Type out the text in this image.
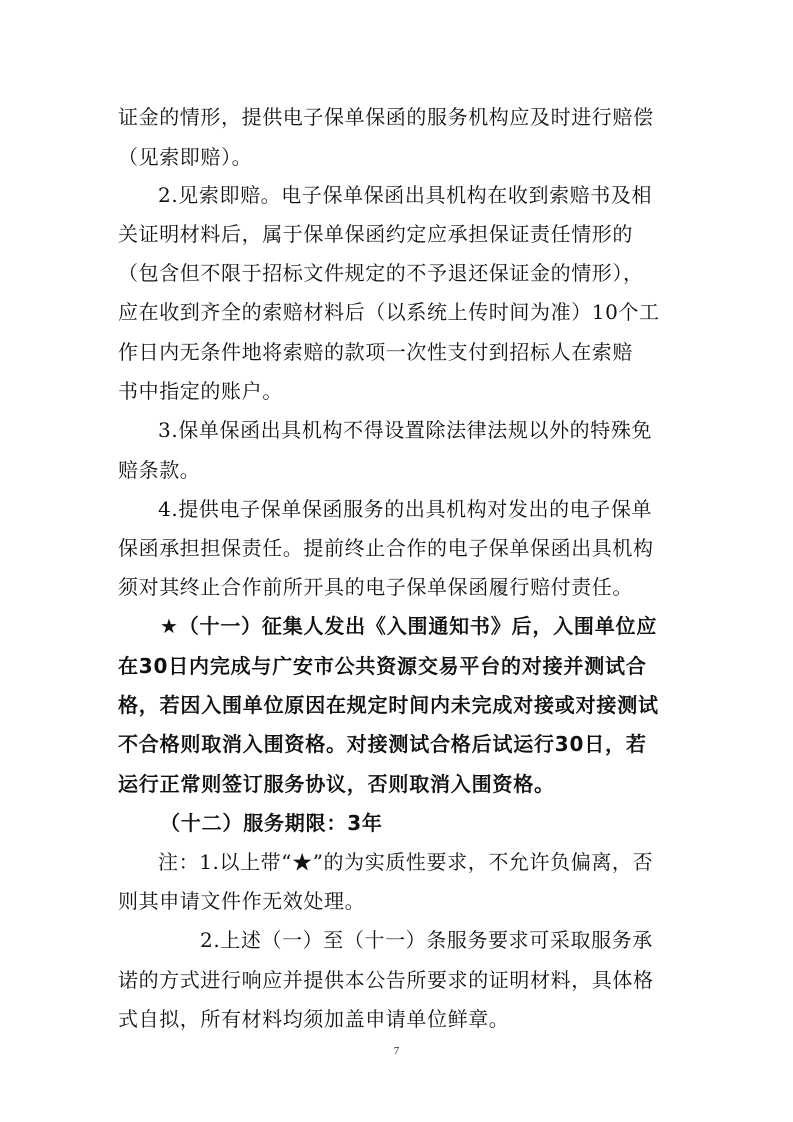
证金的情形，提供电子保单保函的服务机构应及时进行赔偿
（见索即赔）。
2.见索即赔。电子保单保函出具机构在收到索赔书及相
关证明材料后，属于保单保函约定应承担保证责任情形的
（包含但不限于招标文件规定的不予退还保证金的情形），
应在收到齐全的索赔材料后（以系统上传时间为准）10个工
作日内无条件地将索赔的款项一次性支付到招标人在索赔
书中指定的账户。
3.保单保函出具机构不得设置除法律法规以外的特殊免
赔条款。
4.提供电子保单保函服务的出具机构对发出的电子保单
保函承担担保责任。提前终止合作的电子保单保函出具机构
须对其终止合作前所开具的电子保单保函履行赔付责任。
★（十一）征集人发出《入围通知书》后，入围单位应
在30日内完成与广安市公共资源交易平台的对接并测试合
格，若因入围单位原因在规定时间内未完成对接或对接测试
不合格则取消入围资格。对接测试合格后试运行30日，若
运行正常则签订服务协议，否则取消入围资格。
（十二）服务期限：3年
注：1.以上带“★”的为实质性要求，不允许负偏离，否
则其申请文件作无效处理。
2.上述（一）至（十一）条服务要求可采取服务承
诺的方式进行响应并提供本公告所要求的证明材料，具体格
式自拟，所有材料均须加盖申请单位鲜章。
7
